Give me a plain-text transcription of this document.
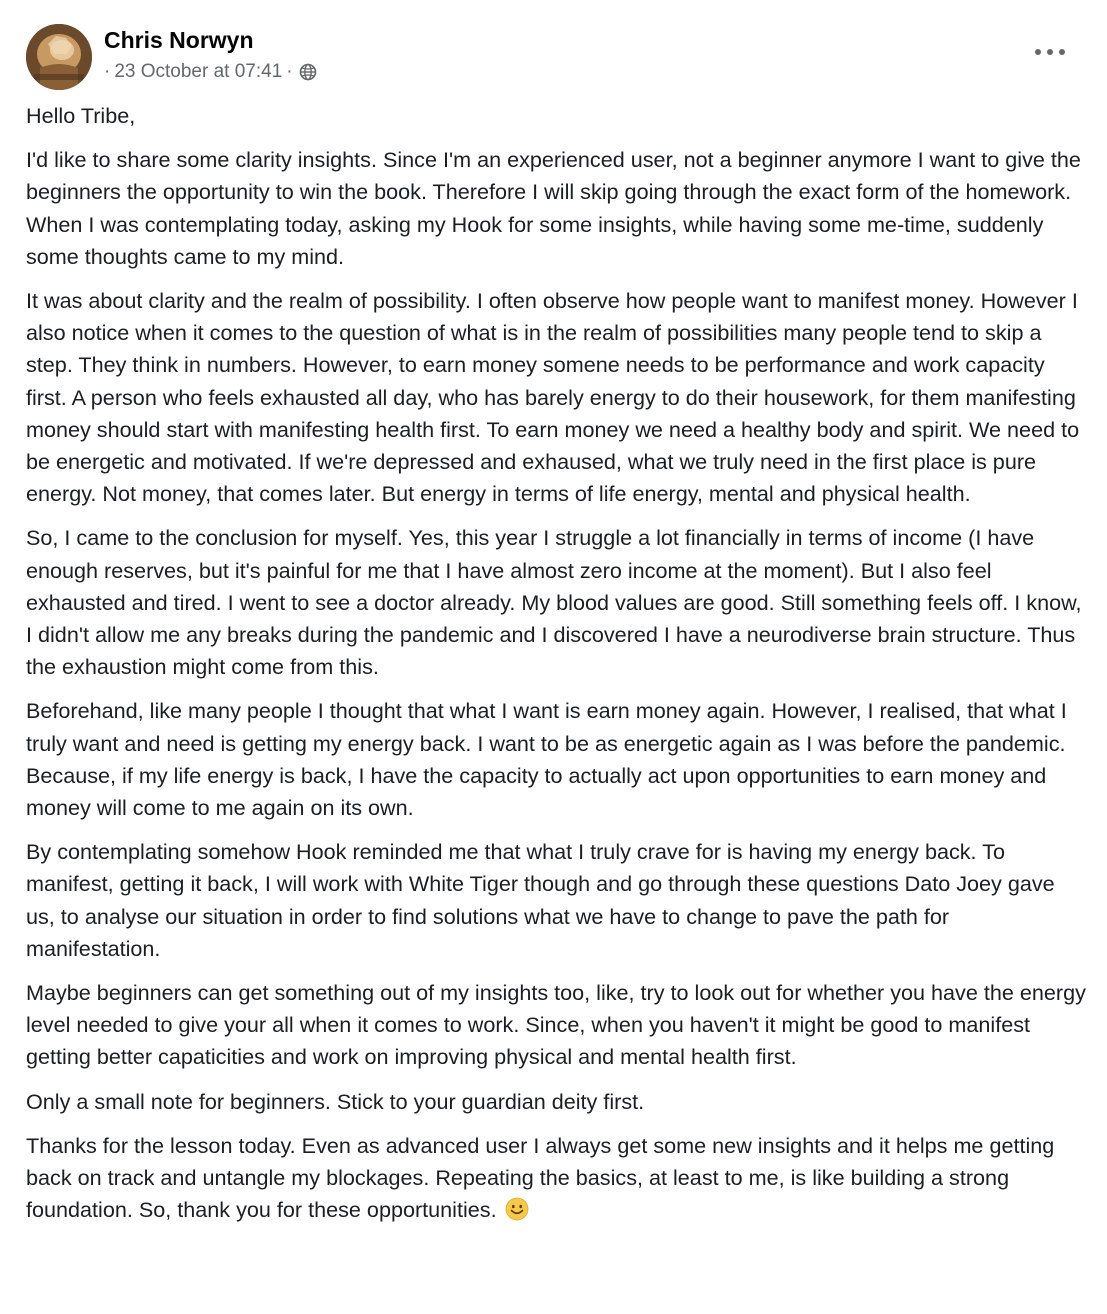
Chris Norwyn
· 23 October at 07:41 ·

Hello Tribe,

I'd like to share some clarity insights. Since I'm an experienced user, not a beginner anymore I want to give the beginners the opportunity to win the book. Therefore I will skip going through the exact form of the homework. When I was contemplating today, asking my Hook for some insights, while having some me-time, suddenly some thoughts came to my mind.

It was about clarity and the realm of possibility. I often observe how people want to manifest money. However I also notice when it comes to the question of what is in the realm of possibilities many people tend to skip a step. They think in numbers. However, to earn money somene needs to be performance and work capacity first. A person who feels exhausted all day, who has barely energy to do their housework, for them manifesting money should start with manifesting health first. To earn money we need a healthy body and spirit. We need to be energetic and motivated. If we're depressed and exhaused, what we truly need in the first place is pure energy. Not money, that comes later. But energy in terms of life energy, mental and physical health.

So, I came to the conclusion for myself. Yes, this year I struggle a lot financially in terms of income (I have enough reserves, but it's painful for me that I have almost zero income at the moment). But I also feel exhausted and tired. I went to see a doctor already. My blood values are good. Still something feels off. I know, I didn't allow me any breaks during the pandemic and I discovered I have a neurodiverse brain structure. Thus the exhaustion might come from this.

Beforehand, like many people I thought that what I want is earn money again. However, I realised, that what I truly want and need is getting my energy back. I want to be as energetic again as I was before the pandemic. Because, if my life energy is back, I have the capacity to actually act upon opportunities to earn money and money will come to me again on its own.

By contemplating somehow Hook reminded me that what I truly crave for is having my energy back. To manifest, getting it back, I will work with White Tiger though and go through these questions Dato Joey gave us, to analyse our situation in order to find solutions what we have to change to pave the path for manifestation.

Maybe beginners can get something out of my insights too, like, try to look out for whether you have the energy level needed to give your all when it comes to work. Since, when you haven't it might be good to manifest getting better capaticities and work on improving physical and mental health first.

Only a small note for beginners. Stick to your guardian deity first.

Thanks for the lesson today. Even as advanced user I always get some new insights and it helps me getting back on track and untangle my blockages. Repeating the basics, at least to me, is like building a strong foundation. So, thank you for these opportunities.
